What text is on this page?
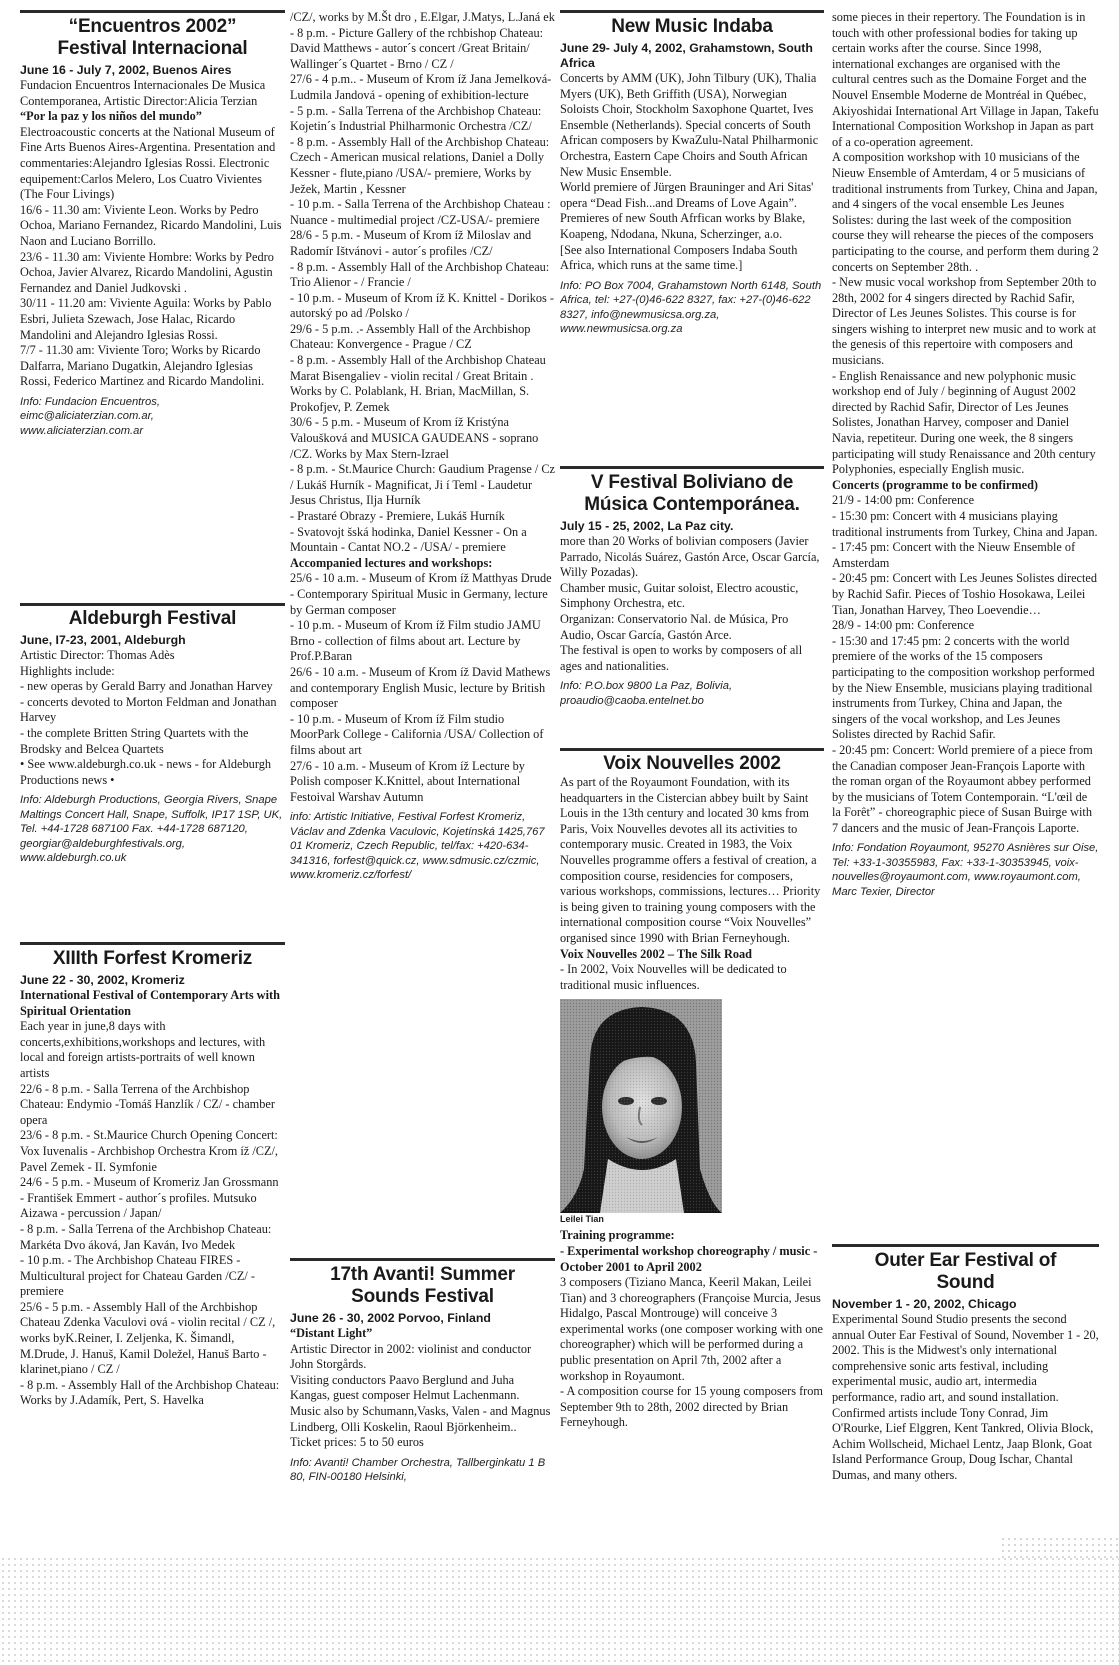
“Encuentros 2002”
Festival Internacional
June 16 - July 7, 2002, Buenos Aires

Fundacion Encuentros Internacionales De Musica Contemporanea, Artistic Director:Alicia Terzian

“Por la paz y los niños del mundo”

Electroacoustic concerts at the National Museum of Fine Arts Buenos Aires-Argentina. Presentation and commentaries:Alejandro Iglesias Rossi. Electronic equipement:Carlos Melero, Los Cuatro Vivientes (The Four Livings)

16/6 - 11.30 am: Viviente Leon. Works by Pedro Ochoa, Mariano Fernandez, Ricardo Mandolini, Luis Naon and Luciano Borrillo.

23/6 - 11.30 am: Viviente Hombre: Works by Pedro Ochoa, Javier Alvarez, Ricardo Mandolini, Agustin Fernandez and Daniel Judkovski .

30/11 - 11.20 am: Viviente Aguila: Works by Pablo Esbri, Julieta Szewach, Jose Halac, Ricardo Mandolini and Alejandro Iglesias Rossi.

7/7 - 11.30 am: Viviente Toro; Works by Ricardo Dalfarra, Mariano Dugatkin, Alejandro Iglesias Rossi, Federico Martinez and Ricardo Mandolini.

Info: Fundacion Encuentros,
eimc@aliciaterzian.com.ar,
www.aliciaterzian.com.ar
Aldeburgh Festival
June, I7-23, 2001, Aldeburgh

Artistic Director: Thomas Adès

Highlights include:

- new operas by Gerald Barry and Jonathan Harvey

- concerts devoted to Morton Feldman and Jonathan Harvey

- the complete Britten String Quartets with the Brodsky and Belcea Quartets

• See www.aldeburgh.co.uk - news - for Aldeburgh Productions news •

Info: Aldeburgh Productions, Georgia Rivers, Snape Maltings Concert Hall, Snape, Suffolk, IP17 1SP, UK, Tel. +44-1728 687100 Fax. +44-1728 687120, georgiar@aldeburghfestivals.org, www.aldeburgh.co.uk
XIIIth Forfest Kromeriz
June 22 - 30, 2002, Kromeriz

International Festival of Contemporary Arts with Spiritual Orientation

Each year in june,8 days with concerts,exhibitions,workshops and lectures, with local and foreign artists-portraits of well known artists

22/6 - 8 p.m. - Salla Terrena of the Archbishop Chateau: Endymio -Tomáš Hanzlík / CZ/ - chamber opera

23/6 - 8 p.m. - St.Maurice Church Opening Concert: Vox Iuvenalis - Archbishop Orchestra Krom íž /CZ/, Pavel Zemek - II. Symfonie

24/6 - 5 p.m. - Museum of Kromeriz Jan Grossmann - František Emmert - author´s profiles. Mutsuko Aizawa - percussion / Japan/

- 8 p.m. - Salla Terrena of the Archbishop Chateau: Markéta Dvo áková, Jan Kaván, Ivo Medek

- 10 p.m. - The Archbishop Chateau FIRES - Multicultural project for Chateau Garden /CZ/ - premiere

25/6 - 5 p.m. - Assembly Hall of the Archbishop Chateau Zdenka Vaculovi ová - violin recital / CZ /, works byK.Reiner, I. Zeljenka, K. Šimandl, M.Drude, J. Hanuš, Kamil Doležel, Hanuš Barto - klarinet,piano / CZ /

- 8 p.m. - Assembly Hall of the Archbishop Chateau: Works by J.Adamík, Pert, S. Havelka

/CZ/, works by M.Št dro , E.Elgar, J.Matys, L.Janá ek

- 8 p.m. - Picture Gallery of the rchbishop Chateau: David Matthews - autor´s concert /Great Britain/ Wallinger´s Quartet - Brno / CZ /

27/6 - 4 p.m.. - Museum of Krom íž Jana Jemelková-Ludmila Jandová - opening of exhibition-lecture

- 5 p.m. - Salla Terrena of the Archbishop Chateau: Kojetin´s Industrial Philharmonic Orchestra /CZ/

- 8 p.m. - Assembly Hall of the Archbishop Chateau: Czech - American musical relations, Daniel a Dolly Kessner - flute,piano /USA/- premiere, Works by Ježek, Martin , Kessner

- 10 p.m. - Salla Terrena of the Archbishop Chateau : Nuance - multimedial project /CZ-USA/- premiere

28/6 - 5 p.m. - Museum of Krom íž Miloslav and Radomír Ištvánovi - autor´s profiles /CZ/

- 8 p.m. - Assembly Hall of the Archbishop Chateau: Trio Alienor - / Francie /

- 10 p.m. - Museum of Krom íž K. Knittel - Dorikos - autorský po ad /Polsko /

29/6 - 5 p.m. .- Assembly Hall of the Archbishop Chateau: Konvergence - Prague / CZ

- 8 p.m. - Assembly Hall of the Archbishop Chateau

Marat Bisengaliev - violin recital / Great Britain . Works by C. Polablank, H. Brian, MacMillan, S. Prokofjev, P. Zemek

30/6 - 5 p.m. - Museum of Krom íž Kristýna Valoušková and MUSICA GAUDEANS - soprano /CZ. Works by Max Stern-Izrael

- 8 p.m. - St.Maurice Church: Gaudium Pragense / Cz / Lukáš Hurník - Magnificat, Ji í Teml - Laudetur Jesus Christus, Ilja Hurník

- Prastaré Obrazy - Premiere, Lukáš Hurník

- Svatovojt šská hodinka, Daniel Kessner - On a Mountain - Cantat NO.2 - /USA/ - premiere

Accompanied lectures and workshops:

25/6 - 10 a.m. - Museum of Krom íž Matthyas Drude - Contemporary Spiritual Music in Germany, lecture by German composer

- 10 p.m. - Museum of Krom íž Film studio JAMU Brno - collection of films about art. Lecture by Prof.P.Baran

26/6 - 10 a.m. - Museum of Krom íž David Mathews and contemporary English Music, lecture by British composer

- 10 p.m. - Museum of Krom íž Film studio MoorPark College - California /USA/ Collection of films about art

27/6 - 10 a.m. - Museum of Krom íž Lecture by Polish composer K.Knittel, about International Festoival Warshav Autumn

info: Artistic Initiative, Festival Forfest Kromeriz, Václav and Zdenka Vaculovic, Kojetínská 1425,767 01 Kromeriz, Czech Republic, tel/fax: +420-634-341316, forfest@quick.cz, www.sdmusic.cz/czmic, www.kromeriz.cz/forfest/
17th Avanti! Summer
Sounds Festival
June 26 - 30, 2002 Porvoo, Finland

“Distant Light”

Artistic Director in 2002: violinist and conductor John Storgårds.

Visiting conductors Paavo Berglund and Juha Kangas, guest composer Helmut Lachenmann.

Music also by Schumann,Vasks, Valen - and Magnus Lindberg, Olli Koskelin, Raoul Björkenheim..

Ticket prices: 5 to 50 euros

Info: Avanti! Chamber Orchestra, Tallberginkatu 1 B 80, FIN-00180 Helsinki,
New Music Indaba
June 29- July 4, 2002, Grahamstown, South Africa

Concerts by AMM (UK), John Tilbury (UK), Thalia Myers (UK), Beth Griffith (USA), Norwegian Soloists Choir, Stockholm Saxophone Quartet, Ives Ensemble (Netherlands). Special concerts of South African composers by KwaZulu-Natal Philharmonic Orchestra, Eastern Cape Choirs and South African New Music Ensemble.

World premiere of Jürgen Brauninger and Ari Sitas' opera “Dead Fish...and Dreams of Love Again”.

Premieres of new South Afrfican works by Blake, Koapeng, Ndodana, Nkuna, Scherzinger, a.o.

[See also International Composers Indaba South Africa, which runs at the same time.]

Info: PO Box 7004, Grahamstown North 6148, South Africa, tel: +27-(0)46-622 8327, fax: +27-(0)46-622 8327, info@newmusicsa.org.za, www.newmusicsa.org.za
V Festival Boliviano de
Música Contemporánea.
July 15 - 25, 2002, La Paz city.

more than 20 Works of bolivian composers (Javier Parrado, Nicolás Suárez, Gastón Arce, Oscar García, Willy Pozadas).

Chamber music, Guitar soloist, Electro acoustic, Simphony Orchestra, etc.

Organizan: Conservatorio Nal. de Música, Pro Audio, Oscar García, Gastón Arce.

The festival is open to works by composers of all ages and nationalities.

Info: P.O.box 9800 La Paz, Bolivia, proaudio@caoba.entelnet.bo
Voix Nouvelles 2002

As part of the Royaumont Foundation, with its headquarters in the Cistercian abbey built by Saint Louis in the 13th century and located 30 kms from Paris, Voix Nouvelles devotes all its activities to contemporary music. Created in 1983, the Voix Nouvelles programme offers a festival of creation, a composition course, residencies for composers, various workshops, commissions, lectures… Priority is being given to training young composers with the international composition course “Voix Nouvelles” organised since 1990 with Brian Ferneyhough.

Voix Nouvelles 2002 – The Silk Road

- In 2002, Voix Nouvelles will be dedicated to traditional music influences.

Leilei Tian

Training programme:

- Experimental workshop choreography / music - October 2001 to April 2002

3 composers (Tiziano Manca, Keeril Makan, Leilei Tian) and 3 choreographers (Françoise Murcia, Jesus Hidalgo, Pascal Montrouge) will conceive 3 experimental works (one composer working with one choreographer) which will be performed during a public presentation on April 7th, 2002 after a workshop in Royaumont.

- A composition course for 15 young composers from September 9th to 28th, 2002 directed by Brian Ferneyhough.

some pieces in their repertory. The Foundation is in touch with other professional bodies for taking up certain works after the course. Since 1998, international exchanges are organised with the cultural centres such as the Domaine Forget and the Nouvel Ensemble Moderne de Montréal in Québec, Akiyoshidai International Art Village in Japan, Takefu International Composition Workshop in Japan as part of a co-operation agreement.

A composition workshop with 10 musicians of the Nieuw Ensemble of Amterdam, 4 or 5 musicians of traditional instruments from Turkey, China and Japan, and 4 singers of the vocal ensemble Les Jeunes Solistes: during the last week of the composition course they will rehearse the pieces of the composers participating to the course, and perform them during 2 concerts on September 28th. .

- New music vocal workshop from September 20th to 28th, 2002 for 4 singers directed by Rachid Safir, Director of Les Jeunes Solistes. This course is for singers wishing to interpret new music and to work at the genesis of this repertoire with composers and musicians.

- English Renaissance and new polyphonic music workshop end of July / beginning of August 2002 directed by Rachid Safir, Director of Les Jeunes Solistes, Jonathan Harvey, composer and Daniel Navia, repetiteur. During one week, the 8 singers participating will study Renaissance and 20th century Polyphonies, especially English music.

Concerts (programme to be confirmed)

21/9 - 14:00 pm: Conference

- 15:30 pm: Concert with 4 musicians playing traditional instruments from Turkey, China and Japan.

- 17:45 pm: Concert with the Nieuw Ensemble of Amsterdam

- 20:45 pm: Concert with Les Jeunes Solistes directed by Rachid Safir. Pieces of Toshio Hosokawa, Leilei Tian, Jonathan Harvey, Theo Loevendie…

28/9 - 14:00 pm: Conference

- 15:30 and 17:45 pm: 2 concerts with the world premiere of the works of the 15 composers participating to the composition workshop performed by the Niew Ensemble, musicians playing traditional instruments from Turkey, China and Japan, the singers of the vocal workshop, and Les Jeunes Solistes directed by Rachid Safir.

- 20:45 pm: Concert: World premiere of a piece from the Canadian composer Jean-François Laporte with the roman organ of the Royaumont abbey performed by the musicians of Totem Contemporain. “L'œil de la Forêt” - choreographic piece of Susan Buirge with 7 dancers and the music of Jean-François Laporte.

Info: Fondation Royaumont, 95270 Asnières sur Oise, Tel: +33-1-30355983, Fax: +33-1-30353945, voix-nouvelles@royaumont.com, www.royaumont.com, Marc Texier, Director
Outer Ear Festival of
Sound
November 1 - 20, 2002, Chicago

Experimental Sound Studio presents the second annual Outer Ear Festival of Sound, November 1 - 20, 2002. This is the Midwest's only international comprehensive sonic arts festival, including experimental music, audio art, intermedia performance, radio art, and sound installation. Confirmed artists include Tony Conrad, Jim O'Rourke, Lief Elggren, Kent Tankred, Olivia Block, Achim Wollscheid, Michael Lentz, Jaap Blonk, Goat Island Performance Group, Doug Ischar, Chantal Dumas, and many others.
